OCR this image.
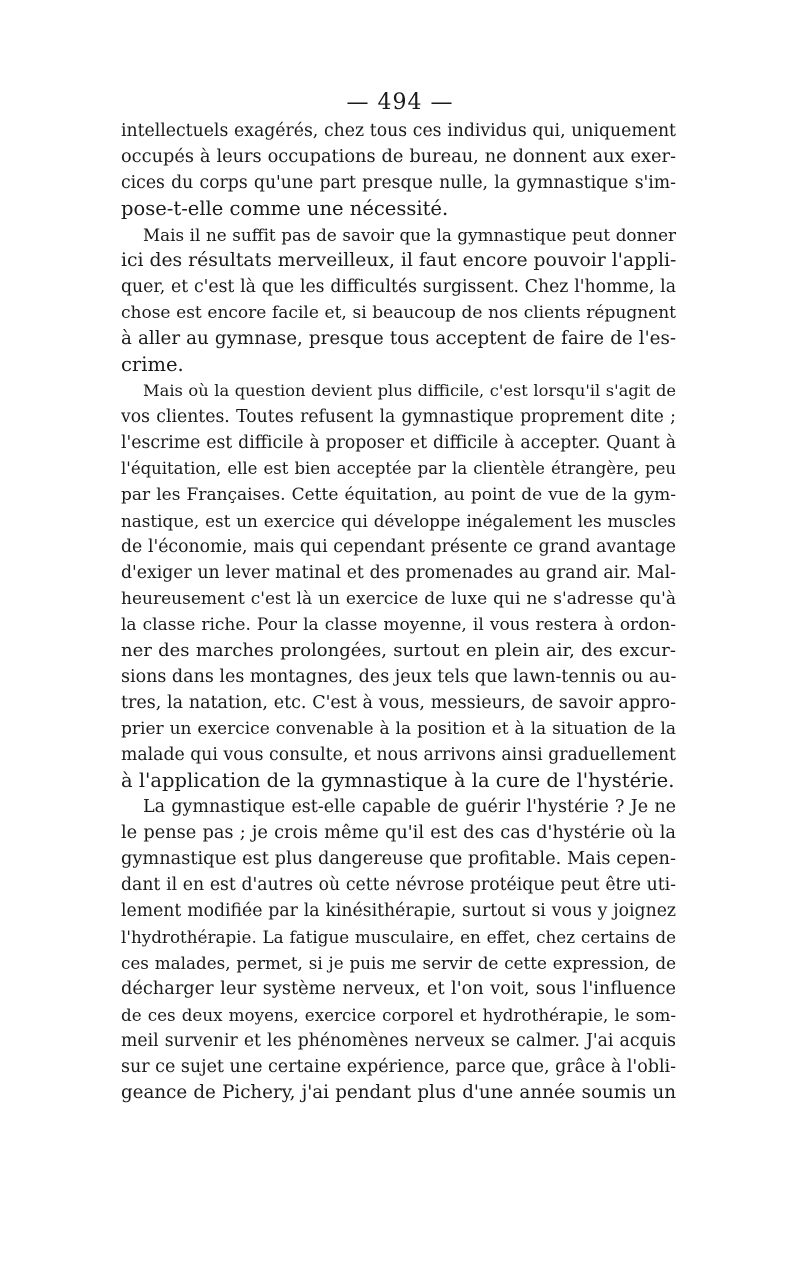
— 494 —
intellectuels exagérés, chez tous ces individus qui, uniquement
occupés à leurs occupations de bureau, ne donnent aux exer-
cices du corps qu'une part presque nulle, la gymnastique s'im-
pose-t-elle comme une nécessité.
Mais il ne suffit pas de savoir que la gymnastique peut donner
ici des résultats merveilleux, il faut encore pouvoir l'appli-
quer, et c'est là que les difficultés surgissent. Chez l'homme, la
chose est encore facile et, si beaucoup de nos clients répugnent
à aller au gymnase, presque tous acceptent de faire de l'es-
crime.
Mais où la question devient plus difficile, c'est lorsqu'il s'agit de
vos clientes. Toutes refusent la gymnastique proprement dite ;
l'escrime est difficile à proposer et difficile à accepter. Quant à
l'équitation, elle est bien acceptée par la clientèle étrangère, peu
par les Françaises. Cette équitation, au point de vue de la gym-
nastique, est un exercice qui développe inégalement les muscles
de l'économie, mais qui cependant présente ce grand avantage
d'exiger un lever matinal et des promenades au grand air. Mal-
heureusement c'est là un exercice de luxe qui ne s'adresse qu'à
la classe riche. Pour la classe moyenne, il vous restera à ordon-
ner des marches prolongées, surtout en plein air, des excur-
sions dans les montagnes, des jeux tels que lawn-tennis ou au-
tres, la natation, etc. C'est à vous, messieurs, de savoir appro-
prier un exercice convenable à la position et à la situation de la
malade qui vous consulte, et nous arrivons ainsi graduellement
à l'application de la gymnastique à la cure de l'hystérie.
La gymnastique est-elle capable de guérir l'hystérie ? Je ne
le pense pas ; je crois même qu'il est des cas d'hystérie où la
gymnastique est plus dangereuse que profitable. Mais cepen-
dant il en est d'autres où cette névrose protéique peut être uti-
lement modifiée par la kinésithérapie, surtout si vous y joignez
l'hydrothérapie. La fatigue musculaire, en effet, chez certains de
ces malades, permet, si je puis me servir de cette expression, de
décharger leur système nerveux, et l'on voit, sous l'influence
de ces deux moyens, exercice corporel et hydrothérapie, le som-
meil survenir et les phénomènes nerveux se calmer. J'ai acquis
sur ce sujet une certaine expérience, parce que, grâce à l'obli-
geance de Pichery, j'ai pendant plus d'une année soumis un
